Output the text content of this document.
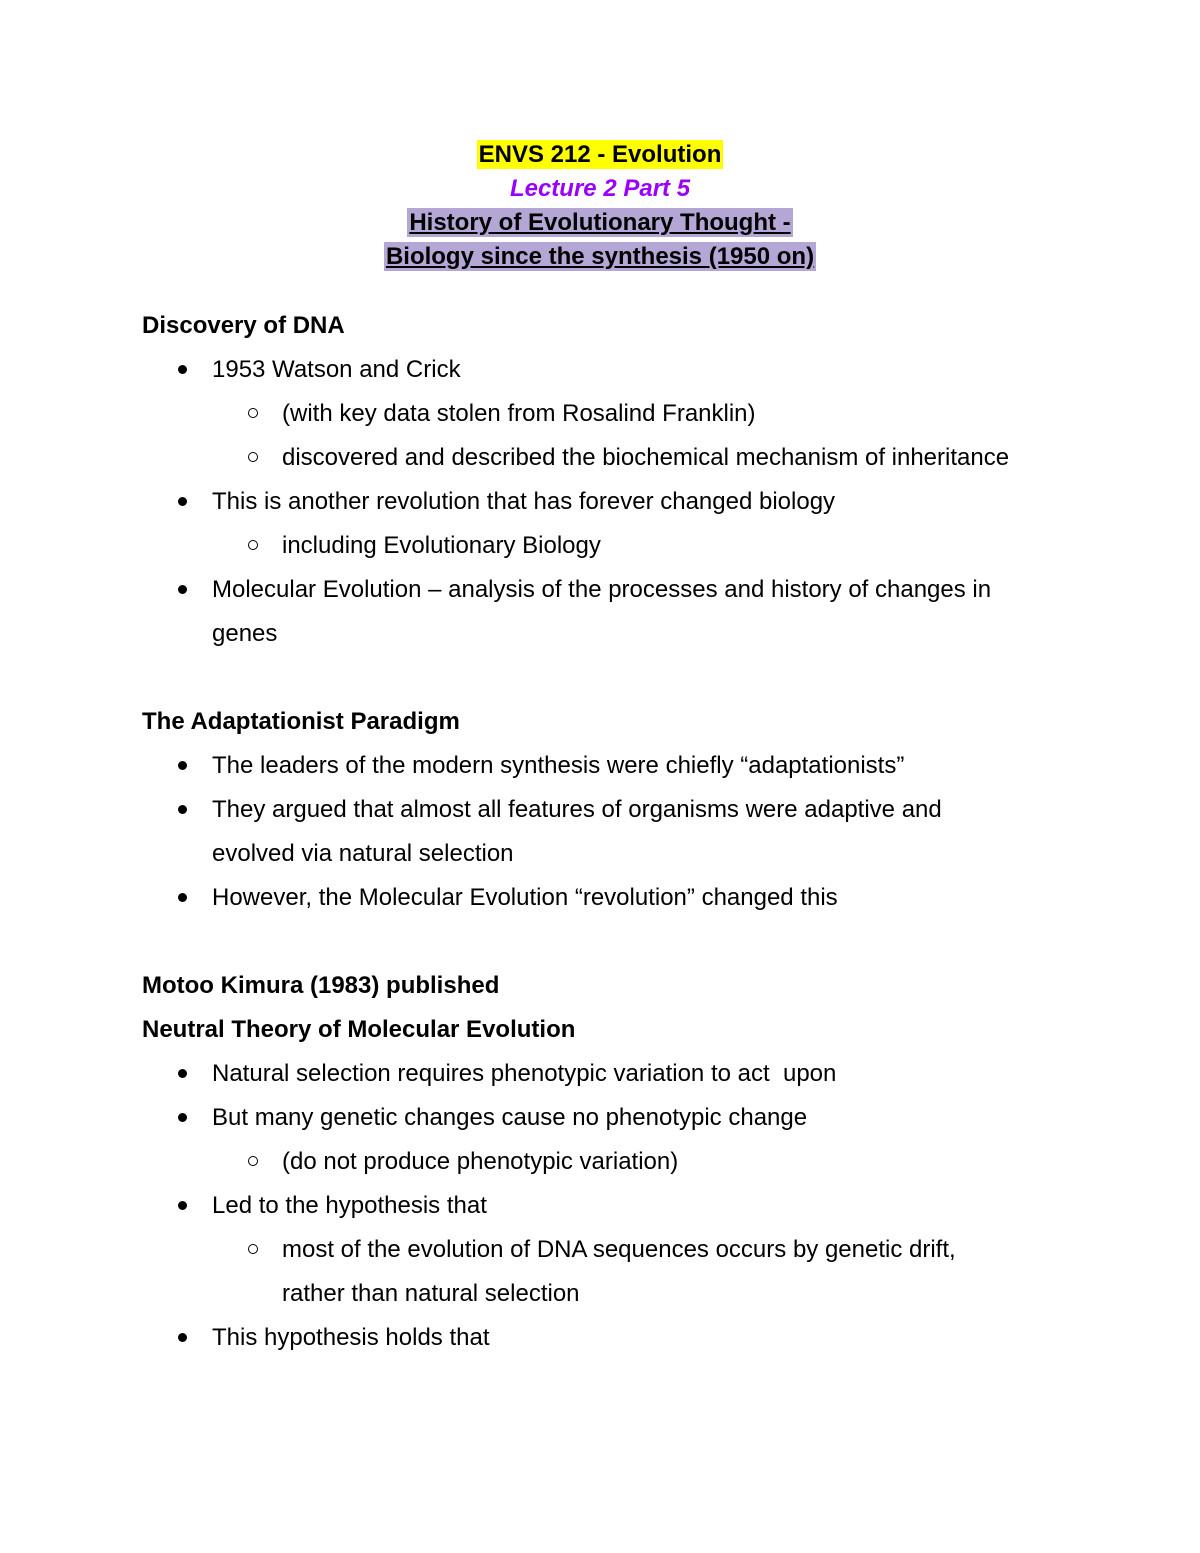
ENVS 212 - Evolution
Lecture 2 Part 5
History of Evolutionary Thought -
Biology since the synthesis (1950 on)
Discovery of DNA
1953 Watson and Crick
(with key data stolen from Rosalind Franklin)
discovered and described the biochemical mechanism of inheritance
This is another revolution that has forever changed biology
including Evolutionary Biology
Molecular Evolution – analysis of the processes and history of changes in
genes
The Adaptationist Paradigm
The leaders of the modern synthesis were chiefly “adaptationists”
They argued that almost all features of organisms were adaptive and
evolved via natural selection
However, the Molecular Evolution “revolution” changed this
Motoo Kimura (1983) published
Neutral Theory of Molecular Evolution
Natural selection requires phenotypic variation to act  upon
But many genetic changes cause no phenotypic change
(do not produce phenotypic variation)
Led to the hypothesis that
most of the evolution of DNA sequences occurs by genetic drift,
rather than natural selection
This hypothesis holds that
